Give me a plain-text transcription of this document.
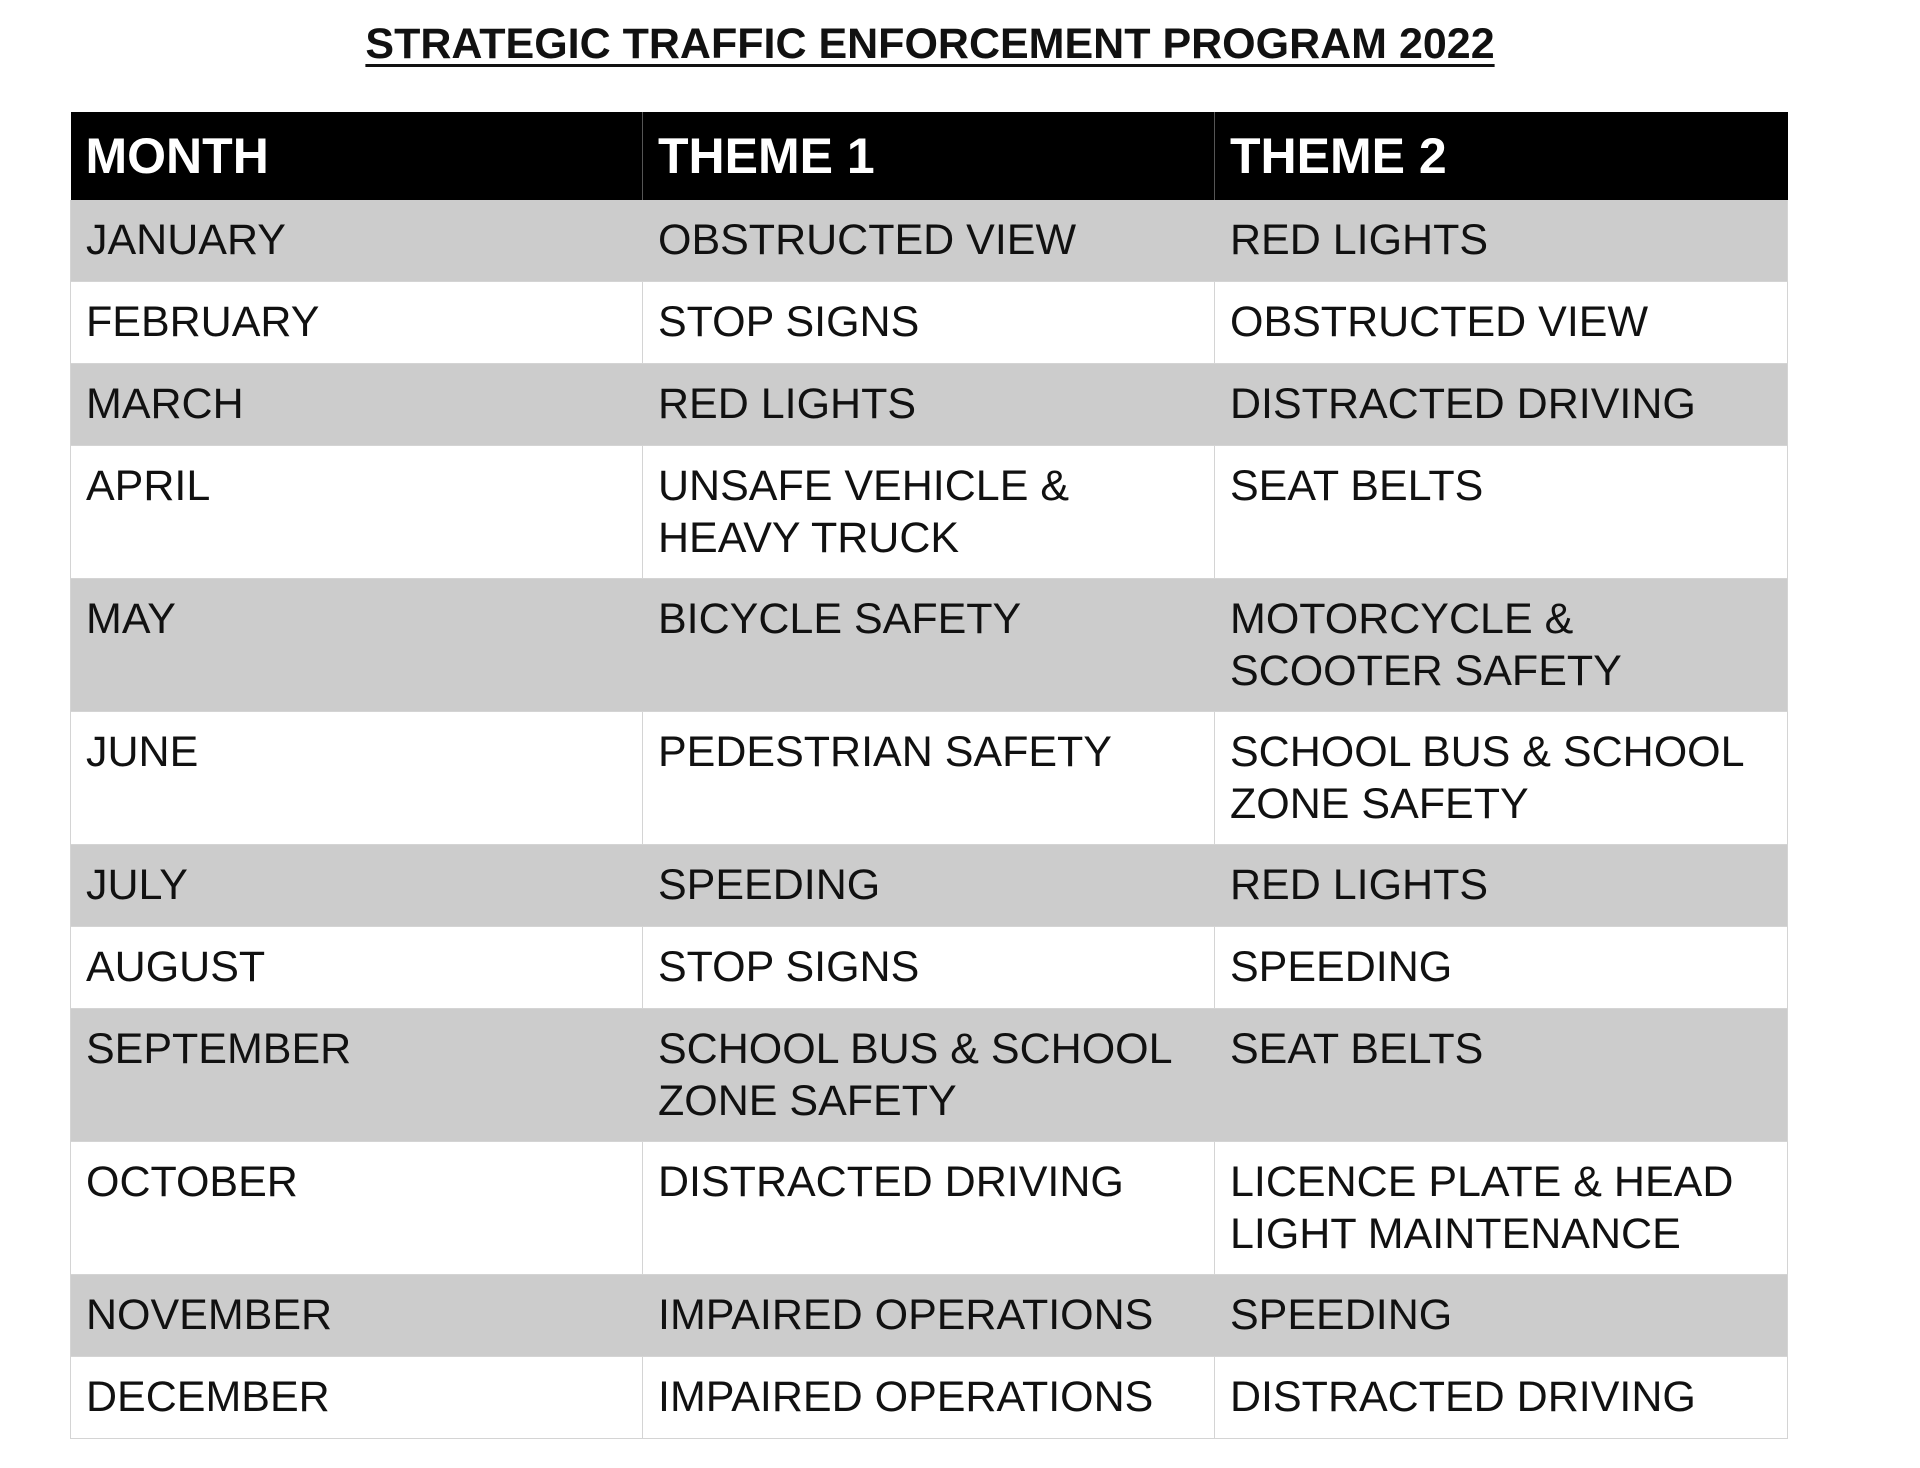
STRATEGIC TRAFFIC ENFORCEMENT PROGRAM 2022
MONTH	THEME 1	THEME 2
JANUARY	OBSTRUCTED VIEW	RED LIGHTS
FEBRUARY	STOP SIGNS	OBSTRUCTED VIEW
MARCH	RED LIGHTS	DISTRACTED DRIVING
APRIL	UNSAFE VEHICLE & HEAVY TRUCK	SEAT BELTS
MAY	BICYCLE SAFETY	MOTORCYCLE & SCOOTER SAFETY
JUNE	PEDESTRIAN SAFETY	SCHOOL BUS & SCHOOL ZONE SAFETY
JULY	SPEEDING	RED LIGHTS
AUGUST	STOP SIGNS	SPEEDING
SEPTEMBER	SCHOOL BUS & SCHOOL ZONE SAFETY	SEAT BELTS
OCTOBER	DISTRACTED DRIVING	LICENCE PLATE & HEAD LIGHT MAINTENANCE
NOVEMBER	IMPAIRED OPERATIONS	SPEEDING
DECEMBER	IMPAIRED OPERATIONS	DISTRACTED DRIVING
